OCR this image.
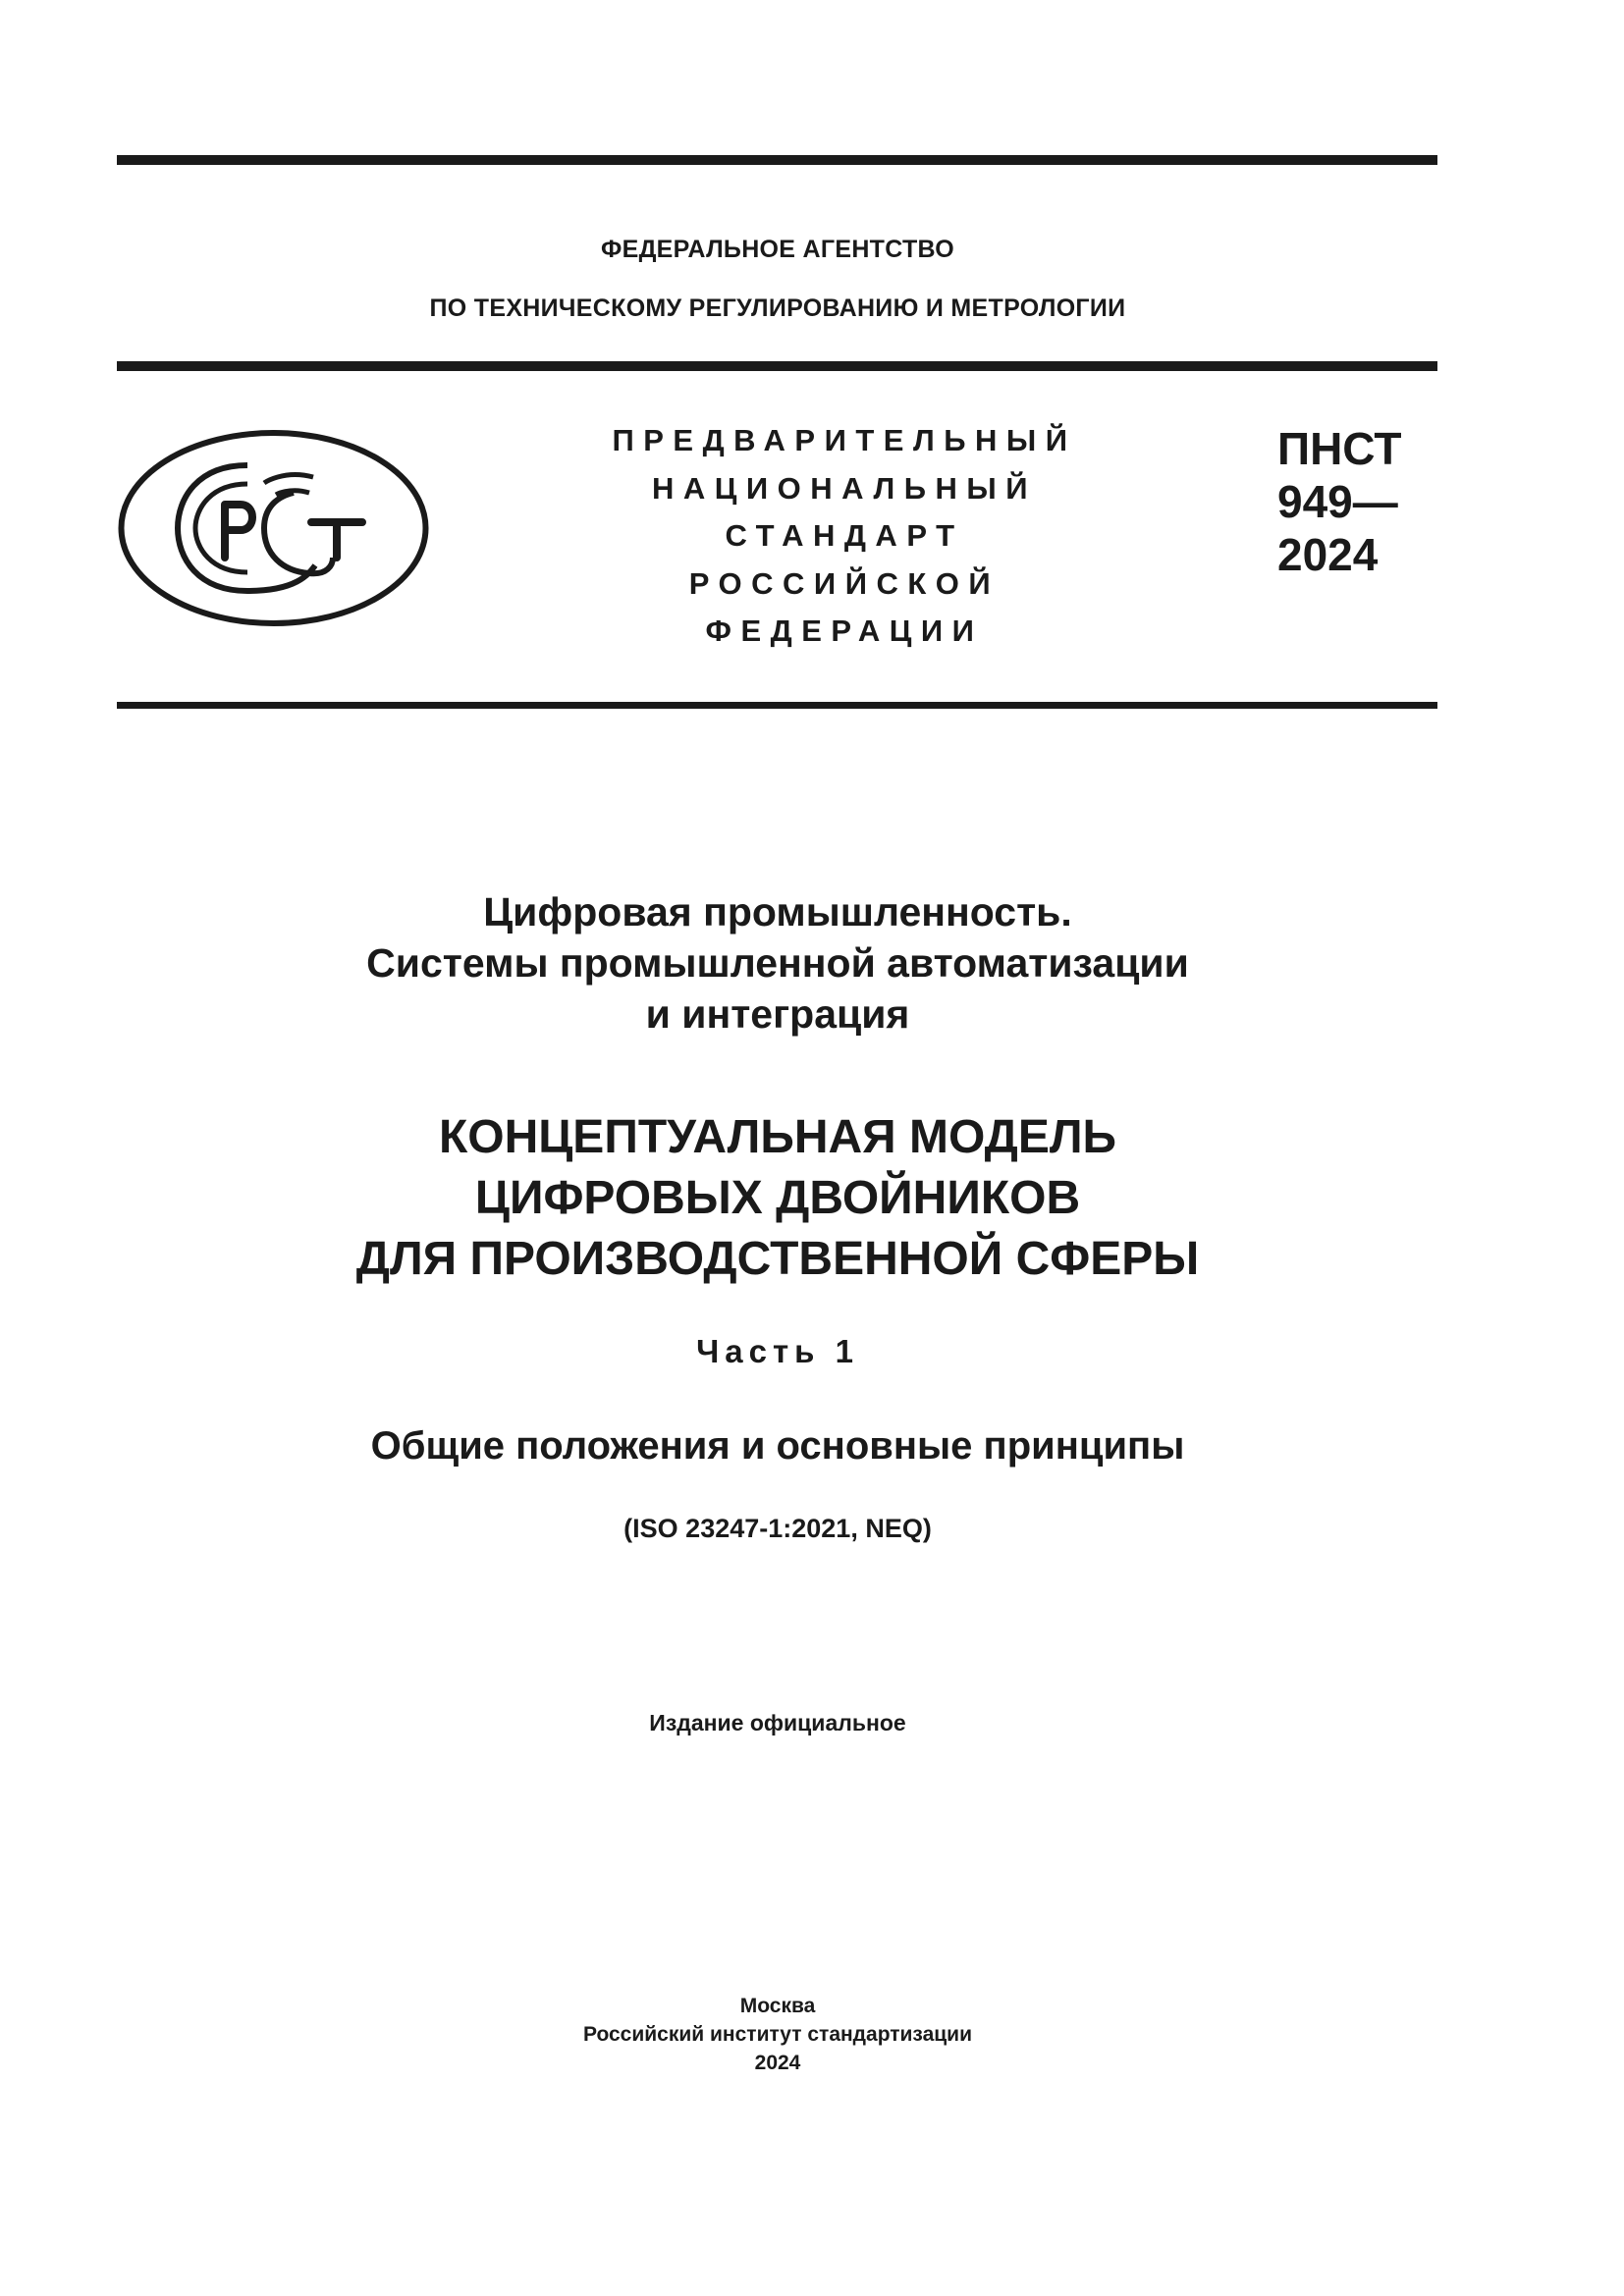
ФЕДЕРАЛЬНОЕ АГЕНТСТВО
ПО ТЕХНИЧЕСКОМУ РЕГУЛИРОВАНИЮ И МЕТРОЛОГИИ
ПРЕДВАРИТЕЛЬНЫЙ
НАЦИОНАЛЬНЫЙ
СТАНДАРТ
РОССИЙСКОЙ
ФЕДЕРАЦИИ
ПНСТ
949—
2024
Цифровая промышленность.
Системы промышленной автоматизации
и интеграция
КОНЦЕПТУАЛЬНАЯ МОДЕЛЬ
ЦИФРОВЫХ ДВОЙНИКОВ
ДЛЯ ПРОИЗВОДСТВЕННОЙ СФЕРЫ
Часть 1
Общие положения и основные принципы
(ISO 23247-1:2021, NEQ)
Издание официальное
Москва
Российский институт стандартизации
2024
